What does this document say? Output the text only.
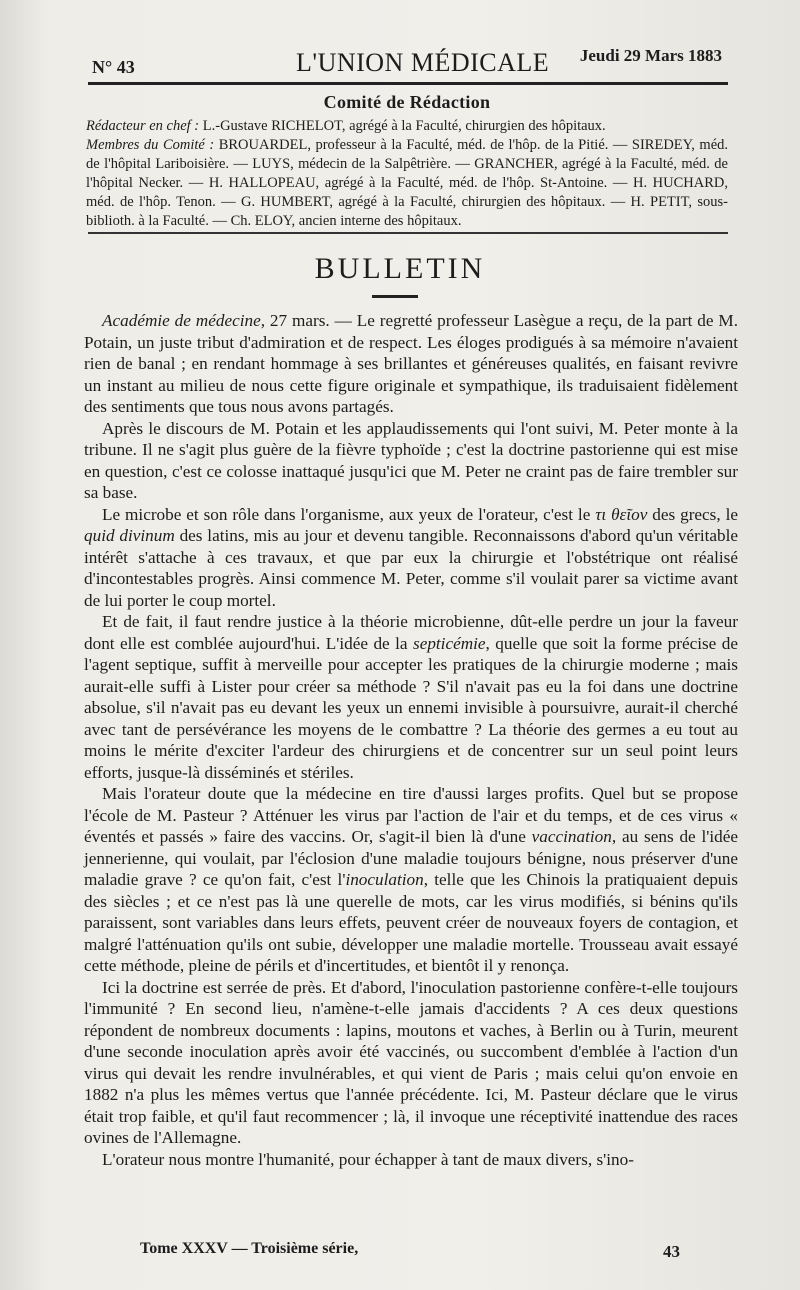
N° 43	L'UNION MÉDICALE Jeudi 29 Mars 1883
Comité de Rédaction

Rédacteur en chef : L.-Gustave RICHELOT, agrégé à la Faculté, chirurgien des hôpitaux.

Membres du Comité : BROUARDEL, professeur à la Faculté, méd. de l'hôp. de la Pitié. — SIREDEY, méd. de l'hôpital Lariboisière. — LUYS, médecin de la Salpêtrière. — GRANCHER, agrégé à la Faculté, méd. de l'hôpital Necker. — H. HALLOPEAU, agrégé à la Faculté, méd. de l'hôp. St-Antoine. — H. HUCHARD, méd. de l'hôp. Tenon. — G. HUMBERT, agrégé à la Faculté, chirurgien des hôpitaux. — H. PETIT, sous-biblioth. à la Faculté. — Ch. ELOY, ancien interne des hôpitaux.

BULLETIN

Académie de médecine, 27 mars. — Le regretté professeur Lasègue a reçu, de la part de M. Potain, un juste tribut d'admiration et de respect. Les éloges prodigués à sa mémoire n'avaient rien de banal ; en rendant hommage à ses brillantes et généreuses qualités, en faisant revivre un instant au milieu de nous cette figure originale et sympathique, ils traduisaient fidèlement des sentiments que tous nous avons partagés.

Après le discours de M. Potain et les applaudissements qui l'ont suivi, M. Peter monte à la tribune. Il ne s'agit plus guère de la fièvre typhoïde ; c'est la doctrine pastorienne qui est mise en question, c'est ce colosse inattaqué jusqu'ici que M. Peter ne craint pas de faire trembler sur sa base.

Le microbe et son rôle dans l'organisme, aux yeux de l'orateur, c'est le τι θεῖον des grecs, le quid divinum des latins, mis au jour et devenu tangible. Reconnaissons d'abord qu'un véritable intérêt s'attache à ces travaux, et que par eux la chirurgie et l'obstétrique ont réalisé d'incontestables progrès. Ainsi commence M. Peter, comme s'il voulait parer sa victime avant de lui porter le coup mortel.

Et de fait, il faut rendre justice à la théorie microbienne, dût-elle perdre un jour la faveur dont elle est comblée aujourd'hui. L'idée de la septicémie, quelle que soit la forme précise de l'agent septique, suffit à merveille pour accepter les pratiques de la chirurgie moderne ; mais aurait-elle suffi à Lister pour créer sa méthode ? S'il n'avait pas eu la foi dans une doctrine absolue, s'il n'avait pas eu devant les yeux un ennemi invisible à poursuivre, aurait-il cherché avec tant de persévérance les moyens de le combattre ? La théorie des germes a eu tout au moins le mérite d'exciter l'ardeur des chirurgiens et de concentrer sur un seul point leurs efforts, jusque-là disséminés et stériles.

Mais l'orateur doute que la médecine en tire d'aussi larges profits. Quel but se propose l'école de M. Pasteur ? Atténuer les virus par l'action de l'air et du temps, et de ces virus « éventés et passés » faire des vaccins. Or, s'agit-il bien là d'une vaccination, au sens de l'idée jennerienne, qui voulait, par l'éclosion d'une maladie toujours bénigne, nous préserver d'une maladie grave ? ce qu'on fait, c'est l'inoculation, telle que les Chinois la pratiquaient depuis des siècles ; et ce n'est pas là une querelle de mots, car les virus modifiés, si bénins qu'ils paraissent, sont variables dans leurs effets, peuvent créer de nouveaux foyers de contagion, et malgré l'atténuation qu'ils ont subie, développer une maladie mortelle. Trousseau avait essayé cette méthode, pleine de périls et d'incertitudes, et bientôt il y renonça.

Ici la doctrine est serrée de près. Et d'abord, l'inoculation pastorienne confère-t-elle toujours l'immunité ? En second lieu, n'amène-t-elle jamais d'accidents ? A ces deux questions répondent de nombreux documents : lapins, moutons et vaches, à Berlin ou à Turin, meurent d'une seconde inoculation après avoir été vaccinés, ou succombent d'emblée à l'action d'un virus qui devait les rendre invulnérables, et qui vient de Paris ; mais celui qu'on envoie en 1882 n'a plus les mêmes vertus que l'année précédente. Ici, M. Pasteur déclare que le virus était trop faible, et qu'il faut recommencer ; là, il invoque une réceptivité inattendue des races ovines de l'Allemagne.

L'orateur nous montre l'humanité, pour échapper à tant de maux divers, s'ino-

Tome XXXV — Troisième série,	43
